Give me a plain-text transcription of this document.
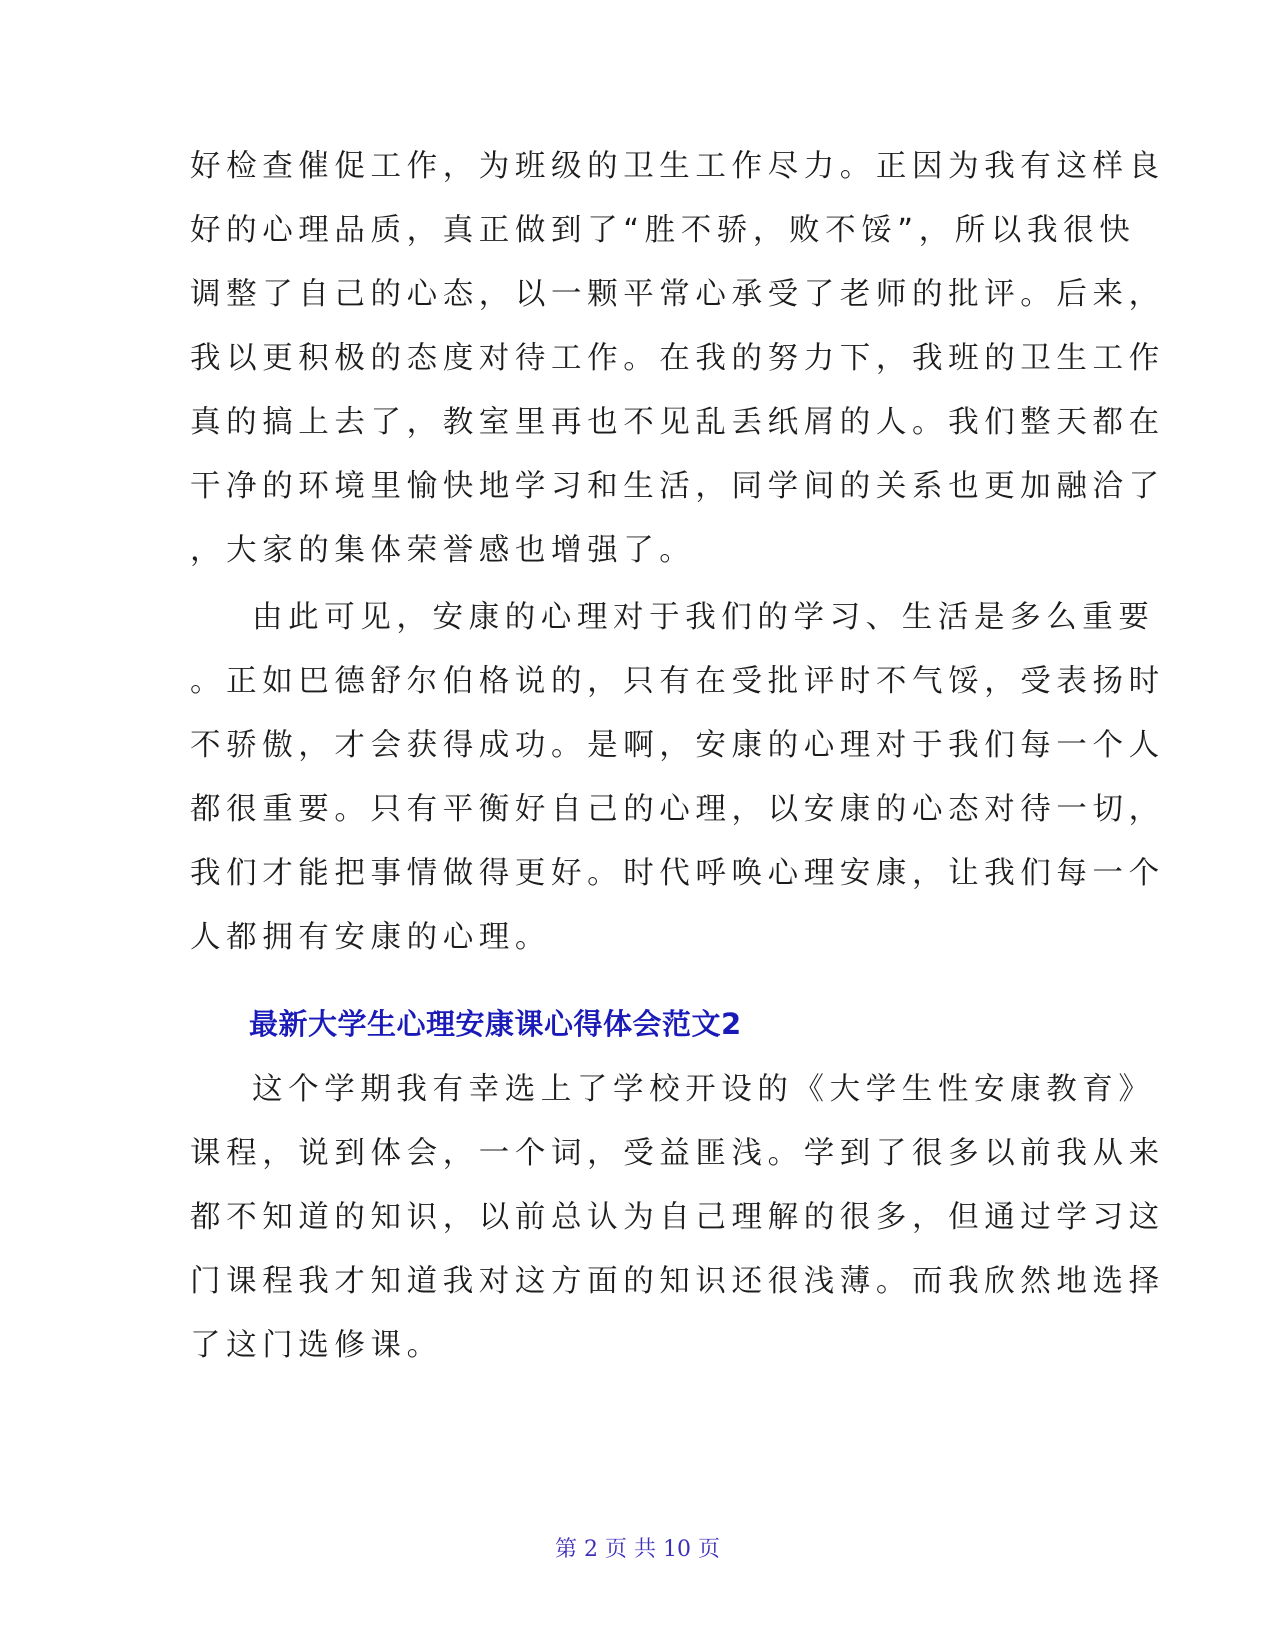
好检查催促工作，为班级的卫生工作尽力。正因为我有这样良
好的心理品质，真正做到了“胜不骄，败不馁”，所以我很快
调整了自己的心态，以一颗平常心承受了老师的批评。后来，
我以更积极的态度对待工作。在我的努力下，我班的卫生工作
真的搞上去了，教室里再也不见乱丢纸屑的人。我们整天都在
干净的环境里愉快地学习和生活，同学间的关系也更加融洽了
，大家的集体荣誉感也增强了。
由此可见，安康的心理对于我们的学习、生活是多么重要
。正如巴德舒尔伯格说的，只有在受批评时不气馁，受表扬时
不骄傲，才会获得成功。是啊，安康的心理对于我们每一个人
都很重要。只有平衡好自己的心理，以安康的心态对待一切，
我们才能把事情做得更好。时代呼唤心理安康，让我们每一个
人都拥有安康的心理。
最新大学生心理安康课心得体会范文2
这个学期我有幸选上了学校开设的《大学生性安康教育》
课程，说到体会，一个词，受益匪浅。学到了很多以前我从来
都不知道的知识，以前总认为自己理解的很多，但通过学习这
门课程我才知道我对这方面的知识还很浅薄。而我欣然地选择
了这门选修课。
第 2 页 共 10 页
